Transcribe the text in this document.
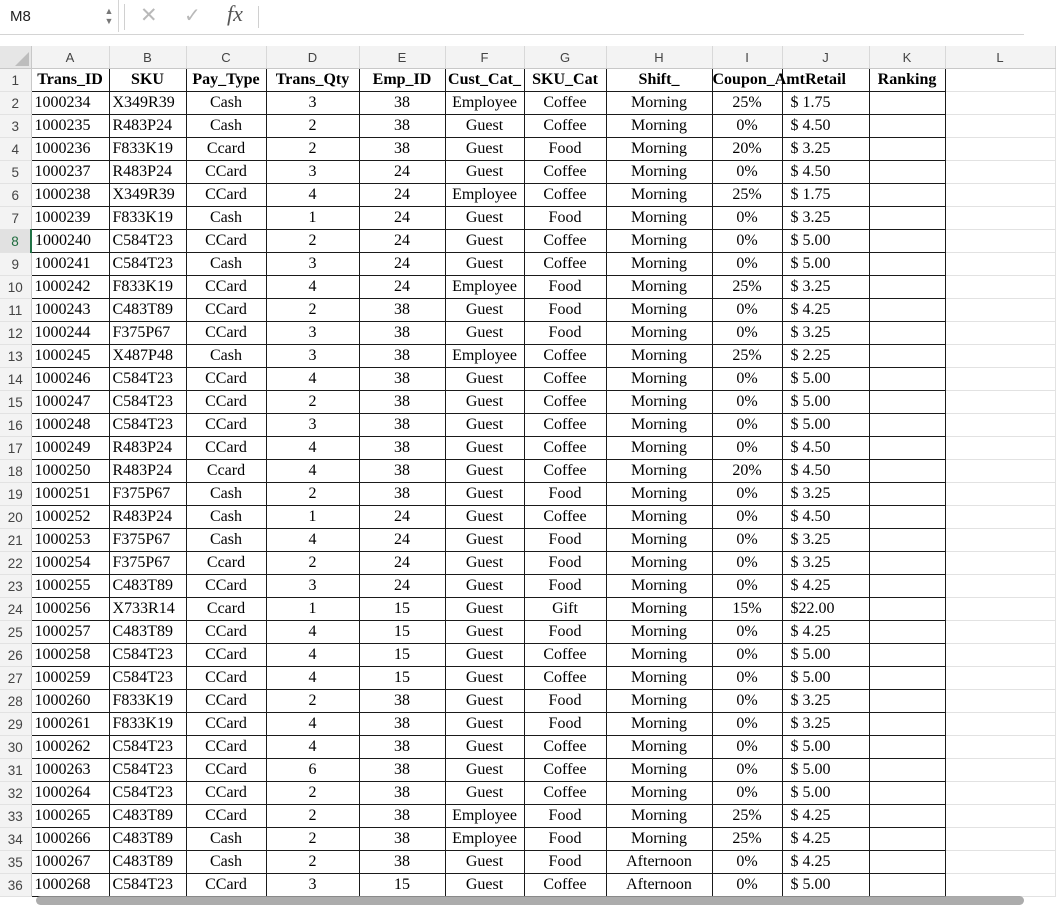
M8	▲
▼ ✕ ✓ fx
	A	B	C	D	E	F	G	H	I	J	K	L	
1	Trans_ID	SKU	Pay_Type	Trans_Qty	Emp_ID	Cust_Cat_	SKU_Cat	Shift_	Coupon_Amt	Retail	Ranking		
2	1000234	X349R39	Cash	3	38	Employee	Coffee	Morning	25%	$ 1.75			
3	1000235	R483P24	Cash	2	38	Guest	Coffee	Morning	0%	$ 4.50			
4	1000236	F833K19	Ccard	2	38	Guest	Food	Morning	20%	$ 3.25			
5	1000237	R483P24	CCard	3	24	Guest	Coffee	Morning	0%	$ 4.50			
6	1000238	X349R39	CCard	4	24	Employee	Coffee	Morning	25%	$ 1.75			
7	1000239	F833K19	Cash	1	24	Guest	Food	Morning	0%	$ 3.25			
8	1000240	C584T23	CCard	2	24	Guest	Coffee	Morning	0%	$ 5.00			
9	1000241	C584T23	Cash	3	24	Guest	Coffee	Morning	0%	$ 5.00			
10	1000242	F833K19	CCard	4	24	Employee	Food	Morning	25%	$ 3.25			
11	1000243	C483T89	CCard	2	38	Guest	Food	Morning	0%	$ 4.25			
12	1000244	F375P67	CCard	3	38	Guest	Food	Morning	0%	$ 3.25			
13	1000245	X487P48	Cash	3	38	Employee	Coffee	Morning	25%	$ 2.25			
14	1000246	C584T23	CCard	4	38	Guest	Coffee	Morning	0%	$ 5.00			
15	1000247	C584T23	CCard	2	38	Guest	Coffee	Morning	0%	$ 5.00			
16	1000248	C584T23	CCard	3	38	Guest	Coffee	Morning	0%	$ 5.00			
17	1000249	R483P24	CCard	4	38	Guest	Coffee	Morning	0%	$ 4.50			
18	1000250	R483P24	Ccard	4	38	Guest	Coffee	Morning	20%	$ 4.50			
19	1000251	F375P67	Cash	2	38	Guest	Food	Morning	0%	$ 3.25			
20	1000252	R483P24	Cash	1	24	Guest	Coffee	Morning	0%	$ 4.50			
21	1000253	F375P67	Cash	4	24	Guest	Food	Morning	0%	$ 3.25			
22	1000254	F375P67	Ccard	2	24	Guest	Food	Morning	0%	$ 3.25			
23	1000255	C483T89	CCard	3	24	Guest	Food	Morning	0%	$ 4.25			
24	1000256	X733R14	Ccard	1	15	Guest	Gift	Morning	15%	$22.00			
25	1000257	C483T89	CCard	4	15	Guest	Food	Morning	0%	$ 4.25			
26	1000258	C584T23	CCard	4	15	Guest	Coffee	Morning	0%	$ 5.00			
27	1000259	C584T23	CCard	4	15	Guest	Coffee	Morning	0%	$ 5.00			
28	1000260	F833K19	CCard	2	38	Guest	Food	Morning	0%	$ 3.25			
29	1000261	F833K19	CCard	4	38	Guest	Food	Morning	0%	$ 3.25			
30	1000262	C584T23	CCard	4	38	Guest	Coffee	Morning	0%	$ 5.00			
31	1000263	C584T23	CCard	6	38	Guest	Coffee	Morning	0%	$ 5.00			
32	1000264	C584T23	CCard	2	38	Guest	Coffee	Morning	0%	$ 5.00			
33	1000265	C483T89	CCard	2	38	Employee	Food	Morning	25%	$ 4.25			
34	1000266	C483T89	Cash	2	38	Employee	Food	Morning	25%	$ 4.25			
35	1000267	C483T89	Cash	2	38	Guest	Food	Afternoon	0%	$ 4.25			
36	1000268	C584T23	CCard	3	15	Guest	Coffee	Afternoon	0%	$ 5.00			
